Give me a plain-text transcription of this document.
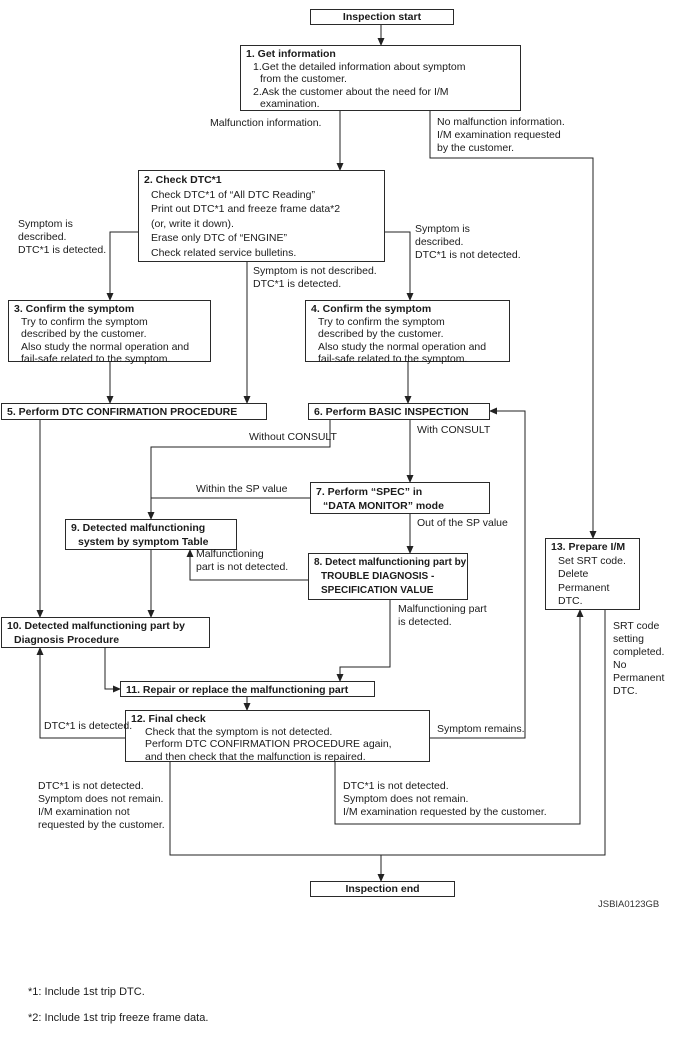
Inspection start
Inspection end
1. Get information
1.Get the detailed information about symptom
from the customer.
2.Ask the customer about the need for I/M
examination.
2. Check DTC*1
Check DTC*1 of “All DTC Reading”
Print out DTC*1 and freeze frame data*2
(or, write it down).
Erase only DTC of “ENGINE”
Check related service bulletins.
3. Confirm the symptom
Try to confirm the symptom
described by the customer.
Also study the normal operation and
fail-safe related to the symptom.
4. Confirm the symptom
Try to confirm the symptom
described by the customer.
Also study the normal operation and
fail-safe related to the symptom.
5. Perform DTC CONFIRMATION PROCEDURE	6. Perform BASIC INSPECTION
7. Perform “SPEC” in
“DATA MONITOR” mode
8. Detect malfunctioning part by
TROUBLE DIAGNOSIS -
SPECIFICATION VALUE
9. Detected malfunctioning
system by symptom Table
10. Detected malfunctioning part by
Diagnosis Procedure
11. Repair or replace the malfunctioning part
12. Final check
Check that the symptom is not detected.
Perform DTC CONFIRMATION PROCEDURE again,
and then check that the malfunction is repaired.
13. Prepare I/M
Set SRT code.
Delete
Permanent
DTC.
Malfunction information.	No malfunction information.
I/M examination requested
by the customer.
Symptom is
described.
DTC*1 is detected.
Symptom is
described.
DTC*1 is not detected.
Symptom is not described.
DTC*1 is detected.
Without CONSULT
With CONSULT
Within the SP value
Out of the SP value
Malfunctioning
part is not detected.
Malfunctioning part
is detected.	SRT code
setting
completed.
No
Permanent
DTC.
DTC*1 is detected.	Symptom remains.
DTC*1 is not detected.
Symptom does not remain.
I/M examination not
requested by the customer.
DTC*1 is not detected.
Symptom does not remain.
I/M examination requested by the customer.
JSBIA0123GB
*1: Include 1st trip DTC.
*2: Include 1st trip freeze frame data.
